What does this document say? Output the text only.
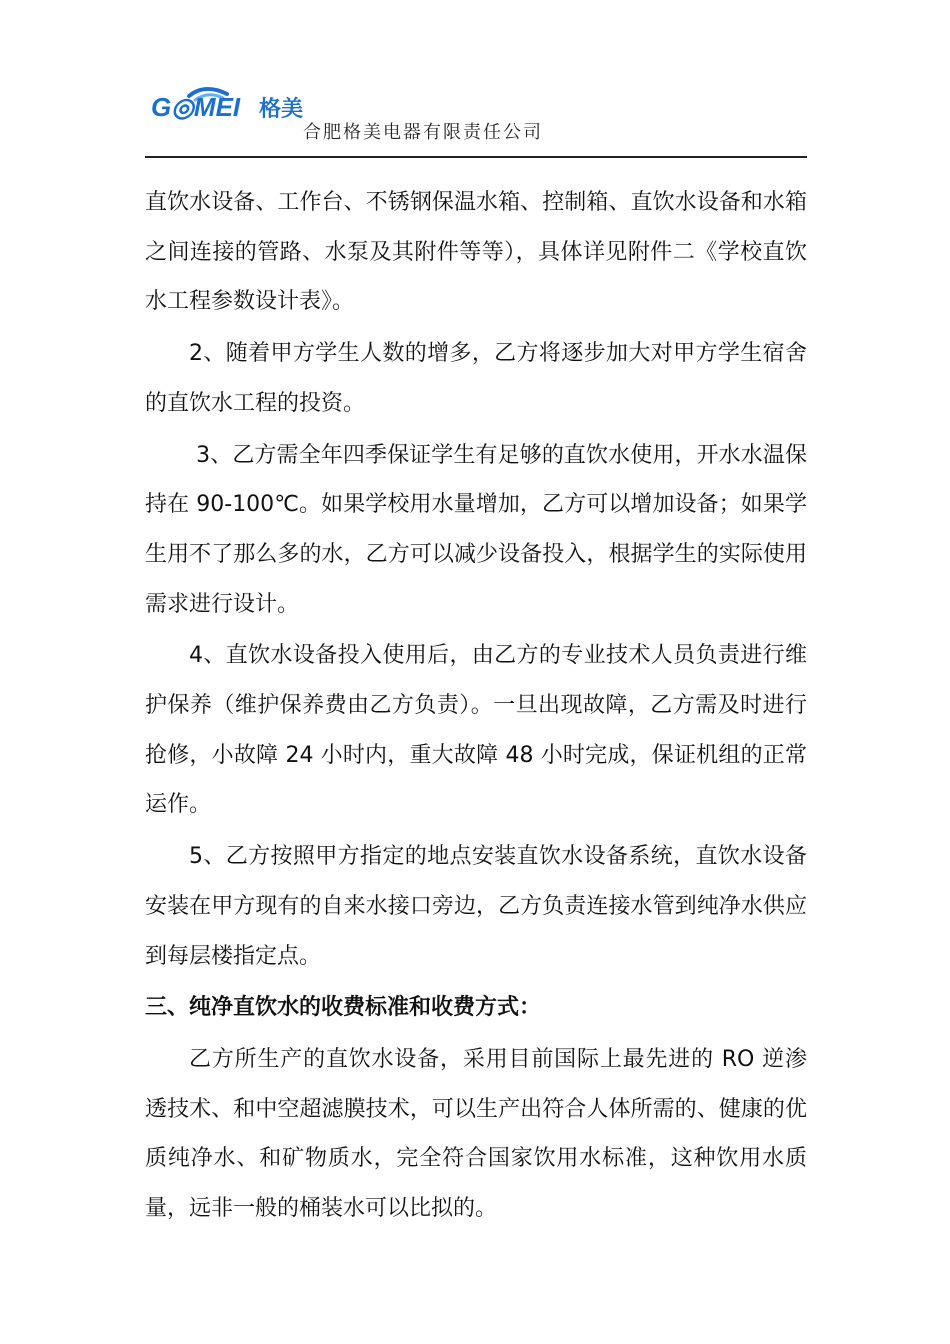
G◎MEI 格美
合肥格美电器有限责任公司

直饮水设备、工作台、不锈钢保温水箱、控制箱、直饮水设备和水箱之间连接的管路、水泵及其附件等等），具体详见附件二《学校直饮水工程参数设计表》。

2、随着甲方学生人数的增多，乙方将逐步加大对甲方学生宿舍的直饮水工程的投资。

3、乙方需全年四季保证学生有足够的直饮水使用，开水水温保持在 90-100℃。如果学校用水量增加，乙方可以增加设备；如果学生用不了那么多的水，乙方可以减少设备投入，根据学生的实际使用需求进行设计。

4、直饮水设备投入使用后，由乙方的专业技术人员负责进行维护保养（维护保养费由乙方负责）。一旦出现故障，乙方需及时进行抢修，小故障 24 小时内，重大故障 48 小时完成，保证机组的正常运作。

5、乙方按照甲方指定的地点安装直饮水设备系统，直饮水设备安装在甲方现有的自来水接口旁边，乙方负责连接水管到纯净水供应到每层楼指定点。

三、纯净直饮水的收费标准和收费方式：

乙方所生产的直饮水设备，采用目前国际上最先进的 RO 逆渗透技术、和中空超滤膜技术，可以生产出符合人体所需的、健康的优质纯净水、和矿物质水，完全符合国家饮用水标准，这种饮用水质量，远非一般的桶装水可以比拟的。
